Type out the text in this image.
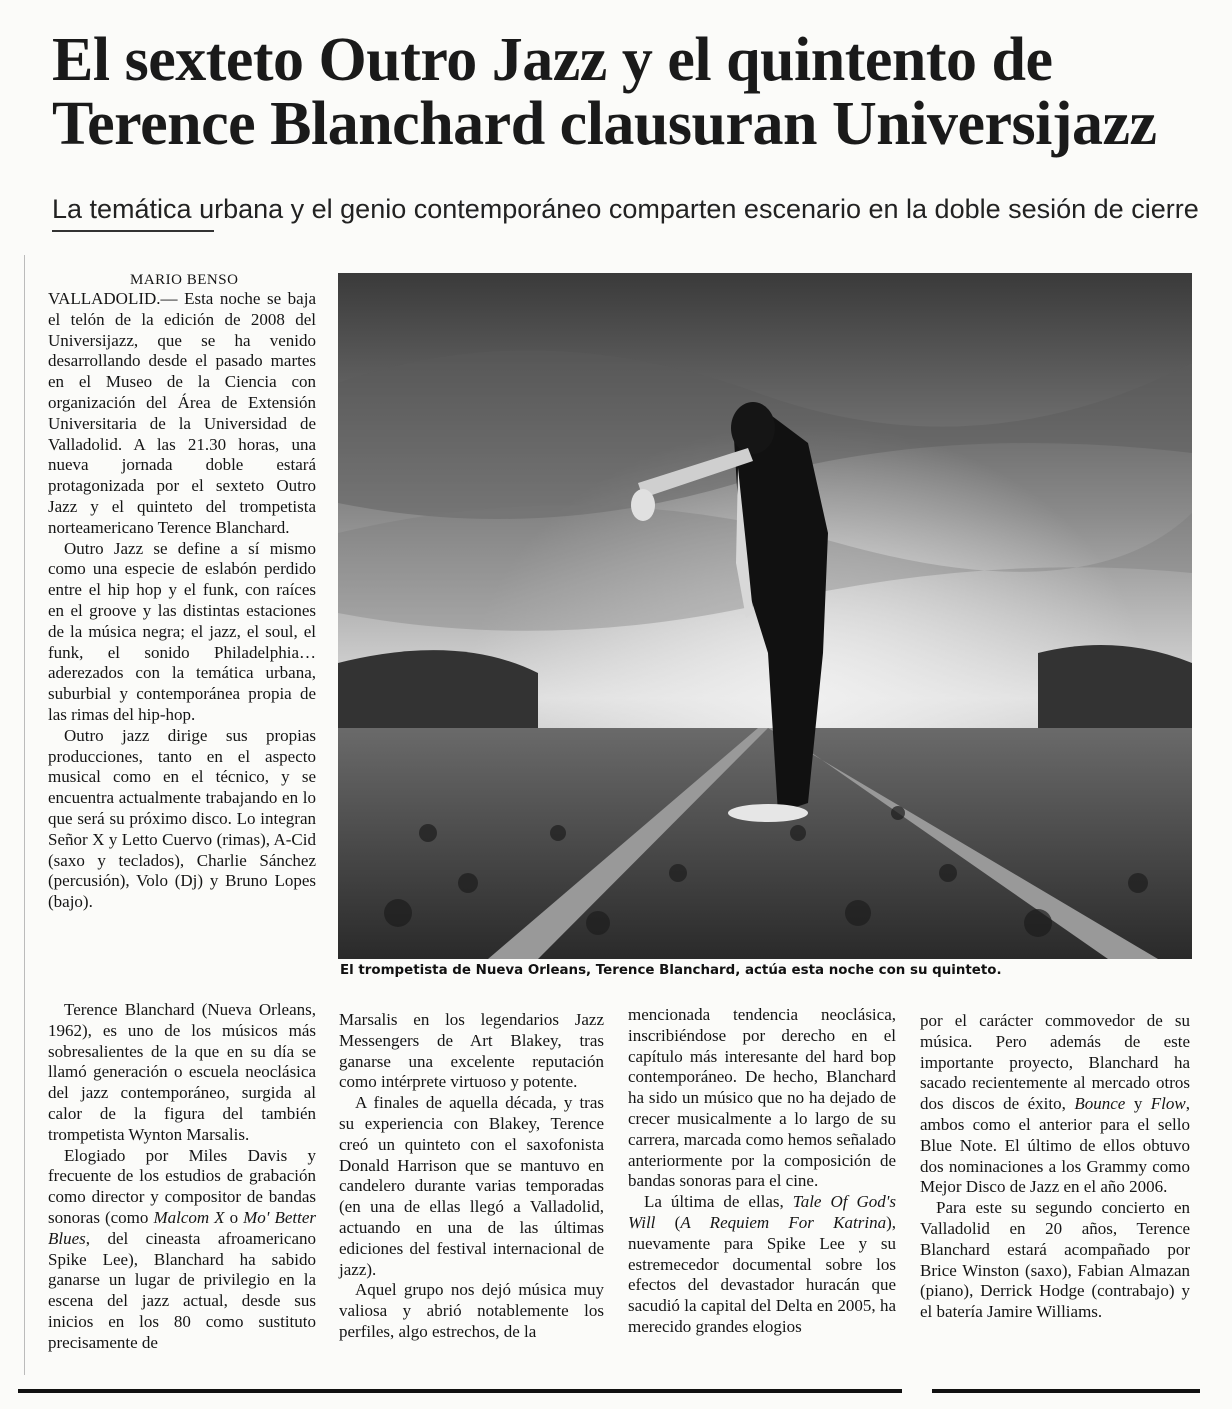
El sexteto Outro Jazz y el quintento de Terence Blanchard clausuran Universijazz
La temática urbana y el genio contemporáneo comparten escenario en la doble sesión de cierre
MARIO BENSO

VALLADOLID.— Esta noche se baja el telón de la edición de 2008 del Universijazz, que se ha venido desarrollando desde el pasado martes en el Museo de la Ciencia con organización del Área de Extensión Universitaria de la Universidad de Valladolid. A las 21.30 horas, una nueva jornada doble estará protagonizada por el sexteto Outro Jazz y el quinteto del trompetista norteamericano Terence Blanchard.

Outro Jazz se define a sí mismo como una especie de eslabón perdido entre el hip hop y el funk, con raíces en el groove y las distintas estaciones de la música negra; el jazz, el soul, el funk, el sonido Philadelphia… aderezados con la temática urbana, suburbial y contemporánea propia de las rimas del hip-hop.

Outro jazz dirige sus propias producciones, tanto en el aspecto musical como en el técnico, y se encuentra actualmente trabajando en lo que será su próximo disco. Lo integran Señor X y Letto Cuervo (rimas), A-Cid (saxo y teclados), Charlie Sánchez (percusión), Volo (Dj) y Bruno Lopes (bajo).

Terence Blanchard (Nueva Orleans, 1962), es uno de los músicos más sobresalientes de la que en su día se llamó generación o escuela neoclásica del jazz contemporáneo, surgida al calor de la figura del también trompetista Wynton Marsalis.

Elogiado por Miles Davis y frecuente de los estudios de grabación como director y compositor de bandas sonoras (como Malcom X o Mo' Better Blues, del cineasta afroamericano Spike Lee), Blanchard ha sabido ganarse un lugar de privilegio en la escena del jazz actual, desde sus inicios en los 80 como sustituto precisamente de

El trompetista de Nueva Orleans, Terence Blanchard, actúa esta noche con su quinteto.

Marsalis en los legendarios Jazz Messengers de Art Blakey, tras ganarse una excelente reputación como intérprete virtuoso y potente.

A finales de aquella década, y tras su experiencia con Blakey, Terence creó un quinteto con el saxofonista Donald Harrison que se mantuvo en candelero durante varias temporadas (en una de ellas llegó a Valladolid, actuando en una de las últimas ediciones del festival internacional de jazz).

Aquel grupo nos dejó música muy valiosa y abrió notablemente los perfiles, algo estrechos, de la

mencionada tendencia neoclásica, inscribiéndose por derecho en el capítulo más interesante del hard bop contemporáneo. De hecho, Blanchard ha sido un músico que no ha dejado de crecer musicalmente a lo largo de su carrera, marcada como hemos señalado anteriormente por la composición de bandas sonoras para el cine.

La última de ellas, Tale Of God's Will (A Requiem For Katrina), nuevamente para Spike Lee y su estremecedor documental sobre los efectos del devastador huracán que sacudió la capital del Delta en 2005, ha merecido grandes elogios

por el carácter commovedor de su música. Pero además de este importante proyecto, Blanchard ha sacado recientemente al mercado otros dos discos de éxito, Bounce y Flow, ambos como el anterior para el sello Blue Note. El último de ellos obtuvo dos nominaciones a los Grammy como Mejor Disco de Jazz en el año 2006.

Para este su segundo concierto en Valladolid en 20 años, Terence Blanchard estará acompañado por Brice Winston (saxo), Fabian Almazan (piano), Derrick Hodge (contrabajo) y el batería Jamire Williams.
